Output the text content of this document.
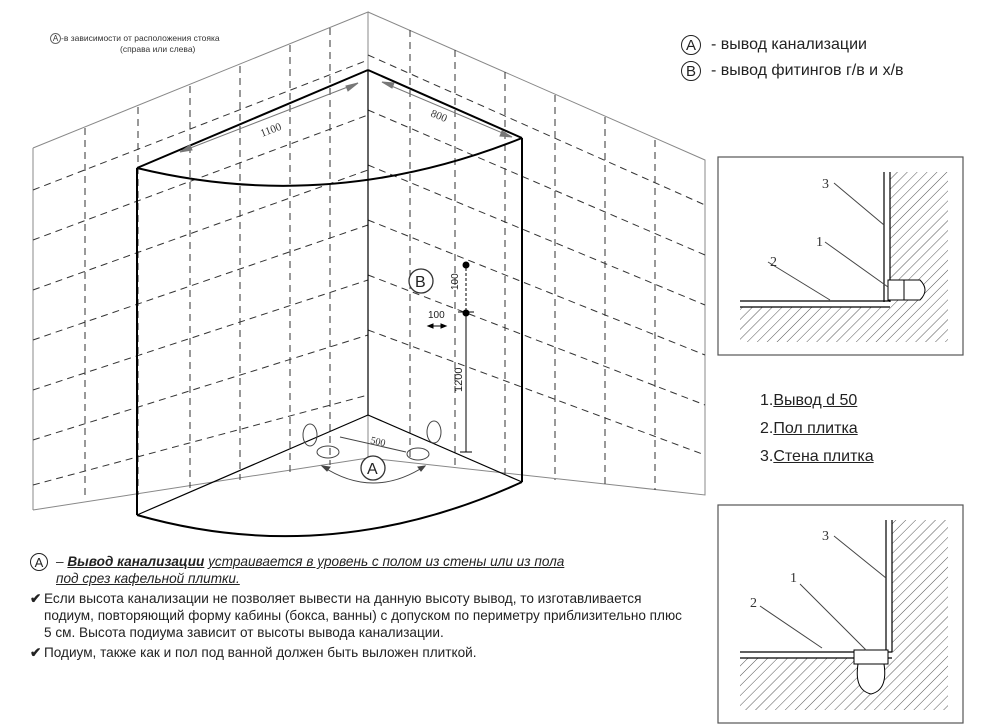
1100
800
B 100
100
1200
500
A
3
1
2
3
1
2
A -в зависимости от расположения стояка
(справа или слева)	A - вывод канализации
B - вывод фитингов г/в и х/в
1.Вывод d 50
2.Пол плитка
3.Стена плитка
A – Вывод канализации устраивается в уровень с полом из стены или из пола
под срез кафельной плитки.
✔ Если высота канализации не позволяет вывести на данную высоту вывод, то изготавливается подиум, повторяющий форму кабины (бокса, ванны) с допуском по периметру приблизительно плюс 5 см. Высота подиума зависит от высоты вывода канализации.
✔ Подиум, также как и пол под ванной должен быть выложен плиткой.
